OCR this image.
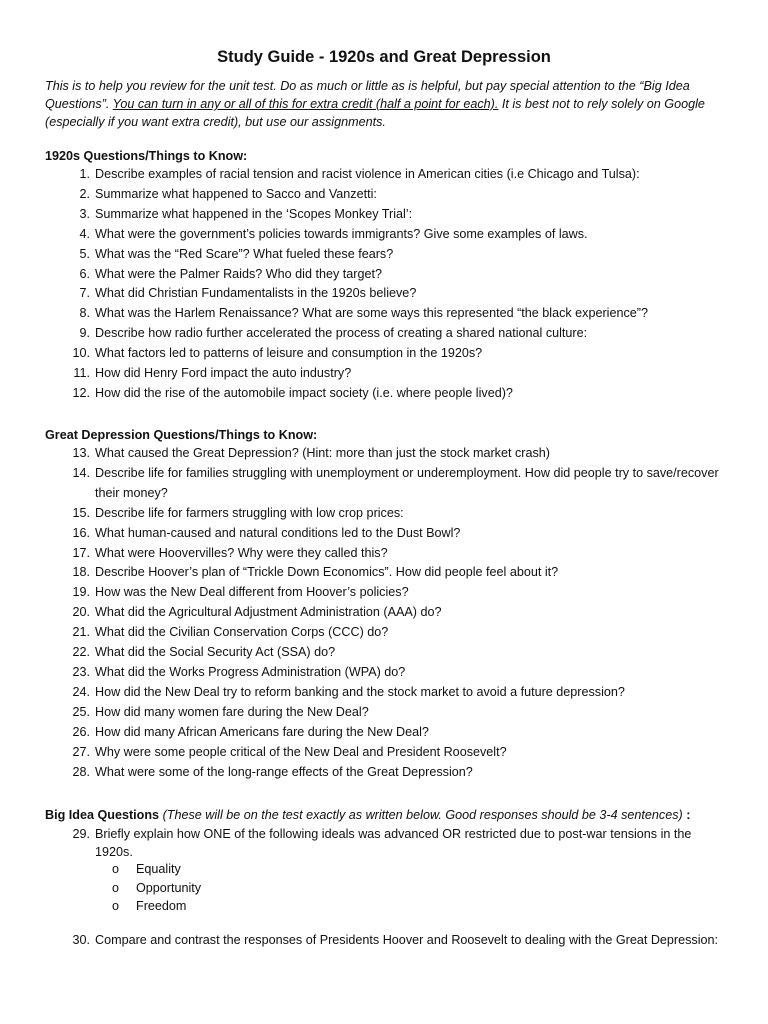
Study Guide - 1920s and Great Depression

This is to help you review for the unit test. Do as much or little as is helpful, but pay special attention to the “Big Idea Questions”. You can turn in any or all of this for extra credit (half a point for each). It is best not to rely solely on Google (especially if you want extra credit), but use our assignments.

1920s Questions/Things to Know:

1. Describe examples of racial tension and racist violence in American cities (i.e Chicago and Tulsa):
2. Summarize what happened to Sacco and Vanzetti:
3. Summarize what happened in the ‘Scopes Monkey Trial’:
4. What were the government’s policies towards immigrants? Give some examples of laws.
5. What was the “Red Scare”? What fueled these fears?
6. What were the Palmer Raids? Who did they target?
7. What did Christian Fundamentalists in the 1920s believe?
8. What was the Harlem Renaissance? What are some ways this represented “the black experience”?
9. Describe how radio further accelerated the process of creating a shared national culture:
10. What factors led to patterns of leisure and consumption in the 1920s?
11. How did Henry Ford impact the auto industry?
12. How did the rise of the automobile impact society (i.e. where people lived)?

Great Depression Questions/Things to Know:

13. What caused the Great Depression? (Hint: more than just the stock market crash)
14. Describe life for families struggling with unemployment or underemployment. How did people try to save/recover their money?
15. Describe life for farmers struggling with low crop prices:
16. What human-caused and natural conditions led to the Dust Bowl?
17. What were Hoovervilles? Why were they called this?
18. Describe Hoover’s plan of “Trickle Down Economics”. How did people feel about it?
19. How was the New Deal different from Hoover’s policies?
20. What did the Agricultural Adjustment Administration (AAA) do?
21. What did the Civilian Conservation Corps (CCC) do?
22. What did the Social Security Act (SSA) do?
23. What did the Works Progress Administration (WPA) do?
24. How did the New Deal try to reform banking and the stock market to avoid a future depression?
25. How did many women fare during the New Deal?
26. How did many African Americans fare during the New Deal?
27. Why were some people critical of the New Deal and President Roosevelt?
28. What were some of the long-range effects of the Great Depression?

Big Idea Questions (These will be on the test exactly as written below. Good responses should be 3-4 sentences) :

29. Briefly explain how ONE of the following ideals was advanced OR restricted due to post-war tensions in the 1920s.
o	Equality
o	Opportunity
o	Freedom
30. Compare and contrast the responses of Presidents Hoover and Roosevelt to dealing with the Great Depression:
